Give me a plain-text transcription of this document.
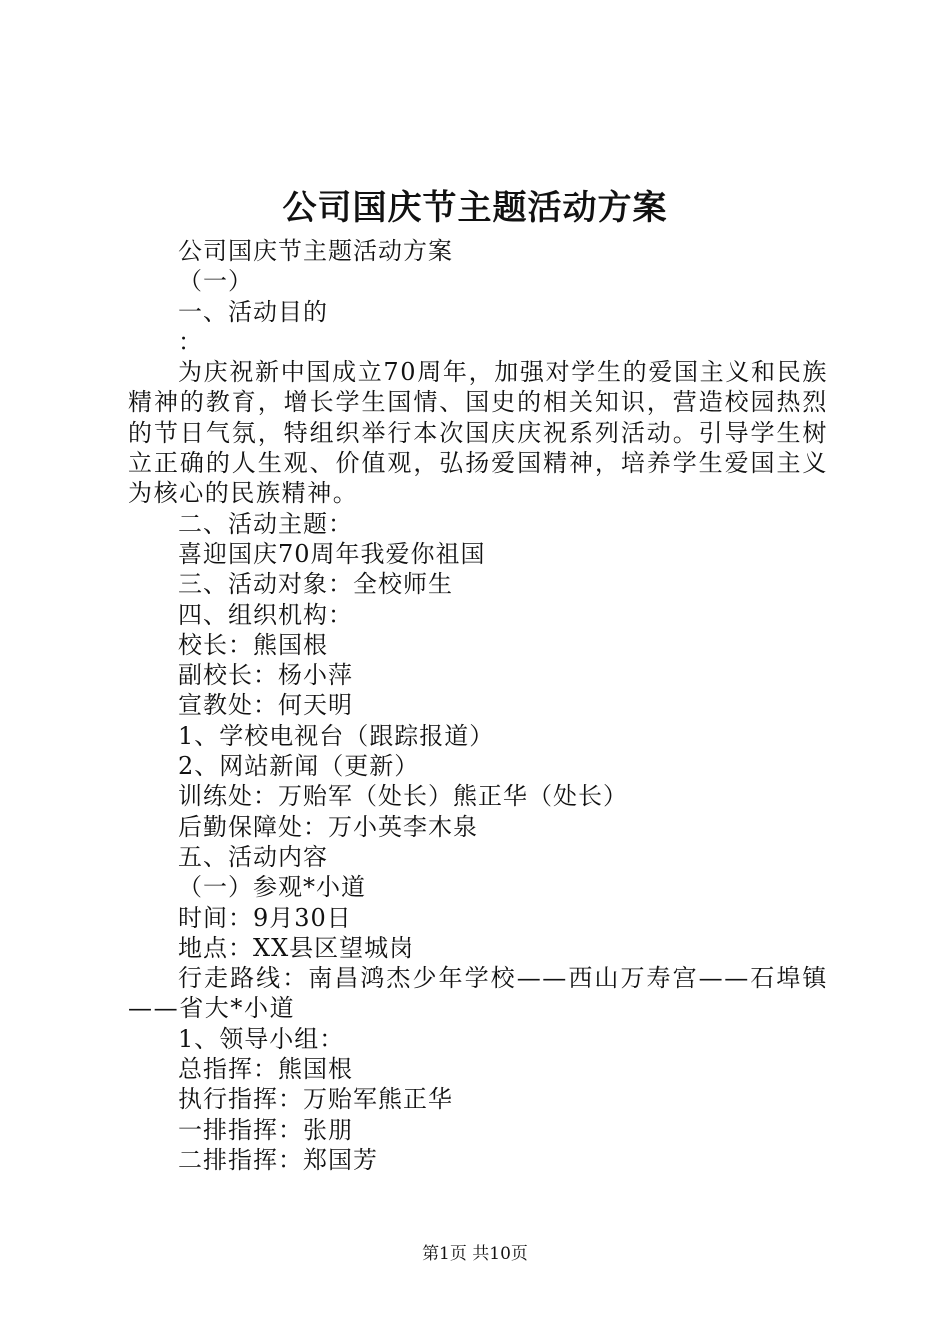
公司国庆节主题活动方案
公司国庆节主题活动方案
（一）
一、活动目的
：
为庆祝新中国成立70周年，加强对学生的爱国主义和民族精神的教育，增长学生国情、国史的相关知识，营造校园热烈的节日气氛，特组织举行本次国庆庆祝系列活动。引导学生树立正确的人生观、价值观，弘扬爱国精神，培养学生爱国主义为核心的民族精神。
二、活动主题：
喜迎国庆70周年我爱你祖国
三、活动对象：全校师生
四、组织机构：
校长：熊国根
副校长：杨小萍
宣教处：何天明
1、学校电视台（跟踪报道）
2、网站新闻（更新）
训练处：万贻军（处长）熊正华（处长）
后勤保障处：万小英李木泉
五、活动内容
（一）参观*小道
时间：9月30日
地点：XX县区望城岗
行走路线：南昌鸿杰少年学校——西山万寿宫——石埠镇——省大*小道
1、领导小组：
总指挥：熊国根
执行指挥：万贻军熊正华
一排指挥：张朋
二排指挥：郑国芳
第1页 共10页
